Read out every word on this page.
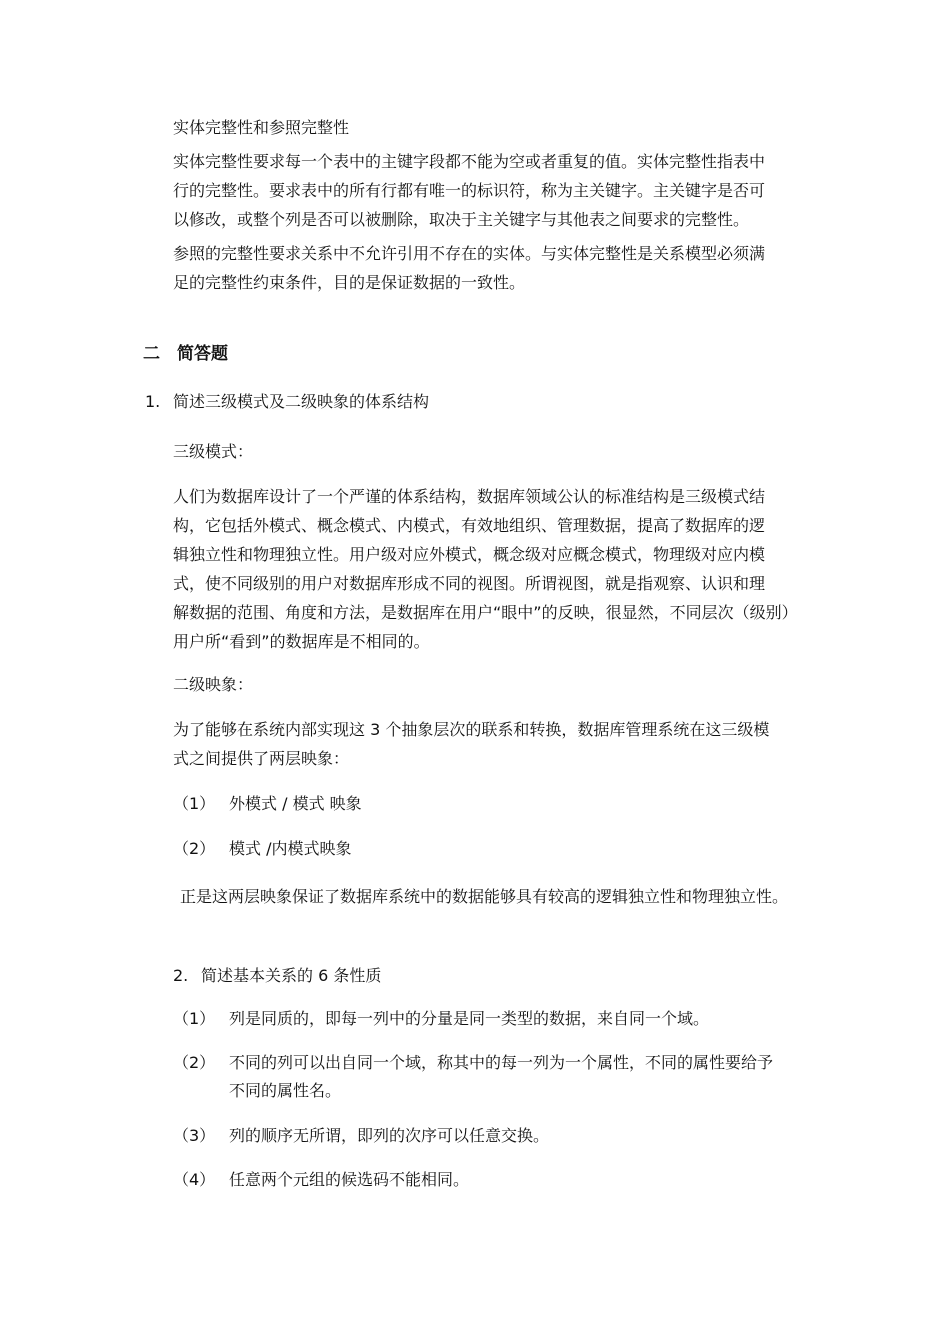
实体完整性和参照完整性
实体完整性要求每一个表中的主键字段都不能为空或者重复的值。实体完整性指表中
行的完整性。要求表中的所有行都有唯一的标识符，称为主关键字。主关键字是否可
以修改，或整个列是否可以被删除，取决于主关键字与其他表之间要求的完整性。
参照的完整性要求关系中不允许引用不存在的实体。与实体完整性是关系模型必须满
足的完整性约束条件，目的是保证数据的一致性。
二 简答题
1. 简述三级模式及二级映象的体系结构
三级模式：
人们为数据库设计了一个严谨的体系结构，数据库领域公认的标准结构是三级模式结
构，它包括外模式、概念模式、内模式，有效地组织、管理数据，提高了数据库的逻
辑独立性和物理独立性。用户级对应外模式，概念级对应概念模式，物理级对应内模
式，使不同级别的用户对数据库形成不同的视图。所谓视图，就是指观察、认识和理
解数据的范围、角度和方法，是数据库在用户“眼中”的反映，很显然，不同层次（级别）
用户所“看到”的数据库是不相同的。
二级映象：
为了能够在系统内部实现这 3 个抽象层次的联系和转换，数据库管理系统在这三级模
式之间提供了两层映象：
（1） 外模式 / 模式 映象
（2） 模式 /内模式映象
正是这两层映象保证了数据库系统中的数据能够具有较高的逻辑独立性和物理独立性。
2. 简述基本关系的 6 条性质
（1） 列是同质的，即每一列中的分量是同一类型的数据，来自同一个域。
（2） 不同的列可以出自同一个域，称其中的每一列为一个属性，不同的属性要给予
不同的属性名。
（3） 列的顺序无所谓，即列的次序可以任意交换。
（4） 任意两个元组的候选码不能相同。
